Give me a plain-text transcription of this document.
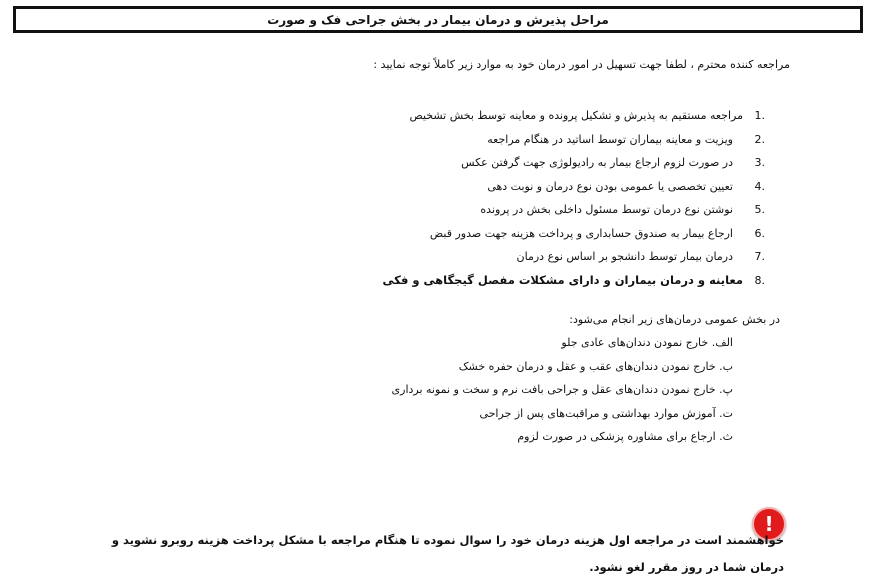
مراحل پذیرش و درمان بیمار در بخش جراحی فک و صورت
مراجعه کننده محترم ، لطفا جهت تسهیل در امور درمان خود به موارد زیر کاملاً توجه نمایید :
.1
مراجعه مستقیم به پذیرش و تشکیل پرونده و معاینه توسط بخش تشخیص
.2
ویزیت و معاینه بیماران توسط اساتید در هنگام مراجعه
.3
در صورت لزوم ارجاع بیمار به رادیولوژی جهت گرفتن عکس
.4
تعیین تخصصی یا عمومی بودن نوع درمان و نوبت دهی
.5
نوشتن نوع درمان توسط مسئول داخلی بخش در پرونده
.6
ارجاع بیمار به صندوق حسابداری و پرداخت هزینه جهت صدور قبض
.7
درمان بیمار توسط دانشجو بر اساس نوع درمان
.8
معاینه و درمان بیماران و دارای مشکلات مفصل گیجگاهی و فکی
در بخش عمومی درمان‌های زیر انجام می‌شود:
الف. خارج نمودن دندان‌های عادی جلو
ب. خارج نمودن دندان‌های عقب و عقل و درمان حفره خشک
پ. خارج نمودن دندان‌های عقل و جراحی بافت نرم و سخت و نمونه برداری
ت. آموزش موارد بهداشتی و مراقبت‌های پس از جراحی
ث. ارجاع برای مشاوره پزشکی در صورت لزوم
!
خواهشمند است در مراجعه اول هزینه درمان خود را سوال نموده تا هنگام مراجعه با مشکل پرداخت هزینه روبرو نشوید و درمان شما در روز مقرر لغو نشود.
